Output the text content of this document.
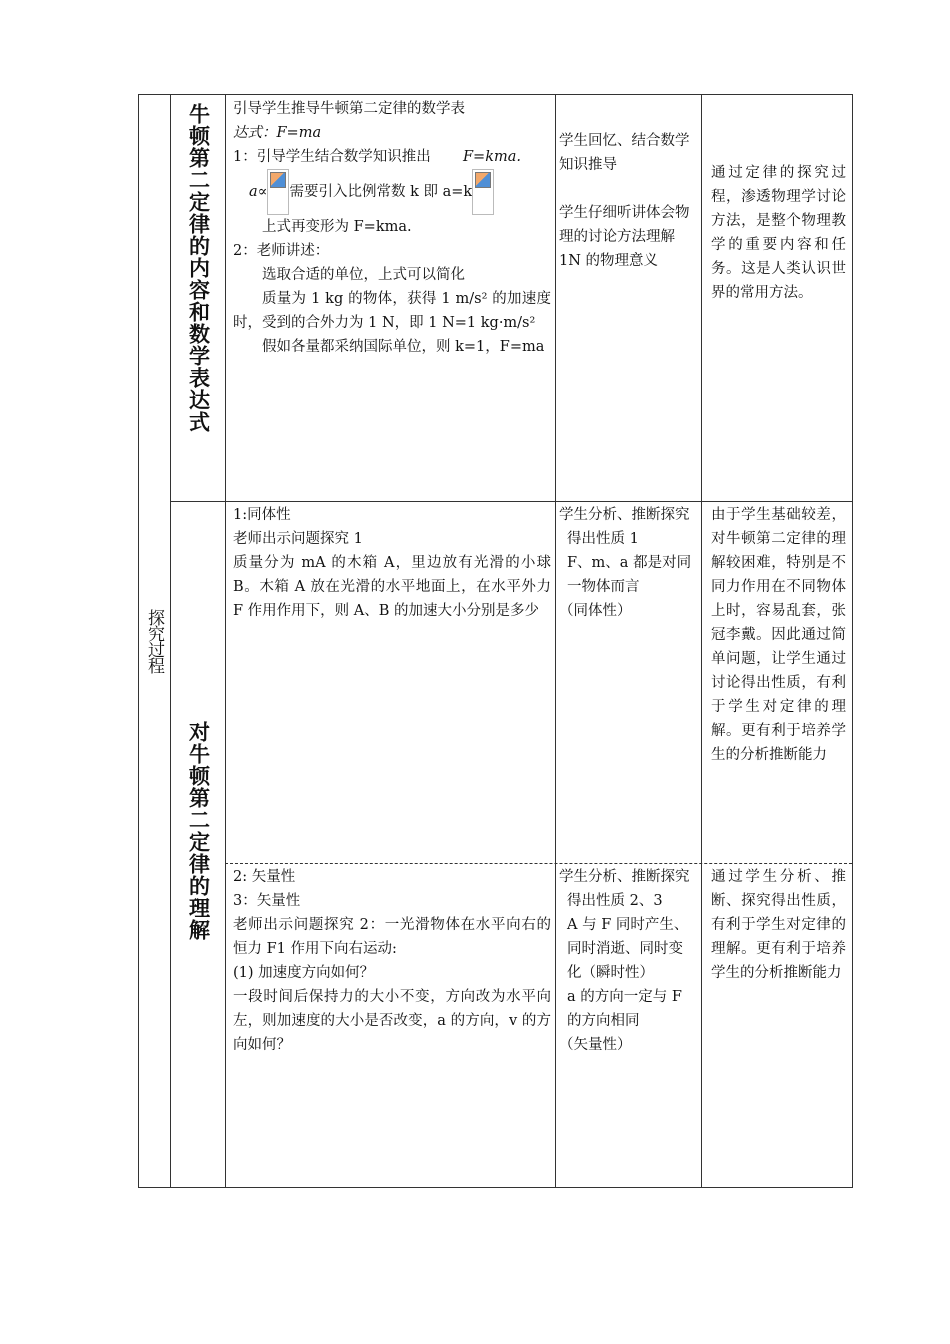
探究过程
牛顿第二定律的内容和数学表达式 引导学生推导牛顿第二定律的数学表

达式：F=ma

1：引导学生结合数学知识推出 F=kma.

a∝ 需要引入比例常数 k 即 a=k

上式再变形为 F=kma.

2：老师讲述：

选取合适的单位，上式可以简化

质量为 1 kg 的物体，获得 1 m/s² 的加速度时，受到的合外力为 1 N，即 1 N=1 kg·m/s²

假如各量都采纳国际单位，则 k=1，F=ma

学生回忆、结合数学知识推导

学生仔细听讲体会物理的讨论方法理解 1N 的物理意义

通过定律的探究过程，渗透物理学讨论方法，是整个物理教学的重要内容和任务。这是人类认识世界的常用方法。

对牛顿第二定律的理解

1:同体性

老师出示问题探究 1

质量分为 mA 的木箱 A，里边放有光滑的小球 B。木箱 A 放在光滑的水平地面上，在水平外力 F 作用作用下，则 A、B 的加速大小分别是多少

学生分析、推断探究

得出性质 1

F、m、a 都是对同一物体而言

（同体性）

由于学生基础较差，对牛顿第二定律的理解较困难，特别是不同力作用在不同物体上时，容易乱套，张冠李戴。因此通过简单问题，让学生通过讨论得出性质，有利于学生对定律的理解。更有利于培养学生的分析推断能力

2: 矢量性

3：矢量性

老师出示问题探究 2：一光滑物体在水平向右的恒力 F1 作用下向右运动:

(1) 加速度方向如何？

一段时间后保持力的大小不变，方向改为水平向左，则加速度的大小是否改变，a 的方向，v 的方向如何？

学生分析、推断探究

得出性质 2、3

A 与 F 同时产生、同时消逝、同时变化（瞬时性）

a 的方向一定与 F 的方向相同

（矢量性）

通过学生分析、推断、探究得出性质，有利于学生对定律的理解。更有利于培养学生的分析推断能力
